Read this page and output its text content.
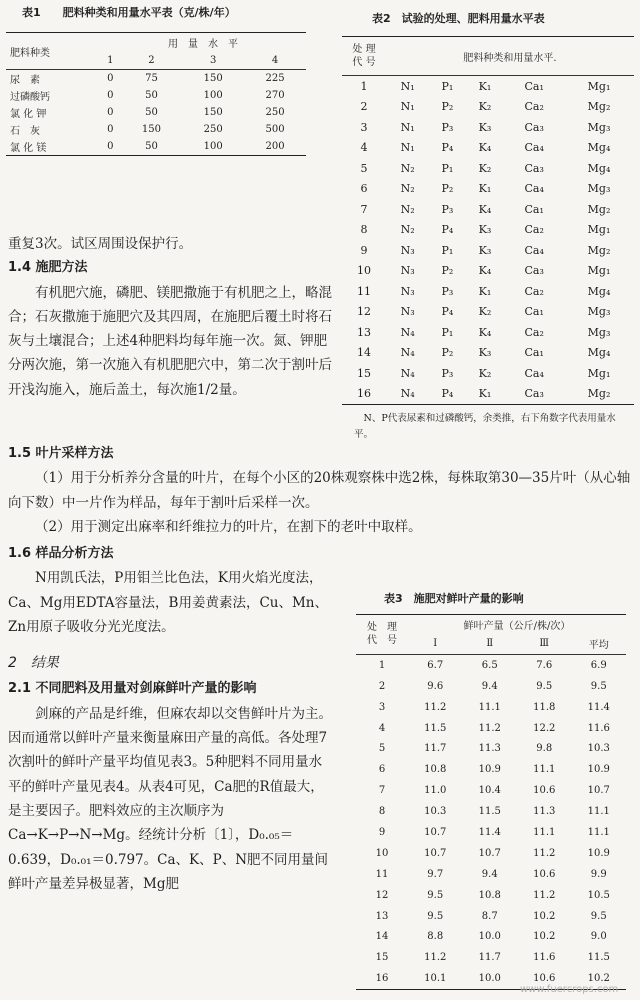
表1　　肥料种类和用量水平表（克/株/年）
肥料种类	用　量　水　平			
	1	2	3	4
尿　素	0	75	150	225
过磷酸钙	0	50	100	270
氯 化 钾	0	50	150	250
石　灰	0	150	250	500
氯 化 镁	0	50	100	200
表2　试验的处理、肥料用量水平表
处 理
代 号	肥料种类和用量水平.				
1	N₁	P₁	K₁	Ca₁	Mg₁
2	N₁	P₂	K₂	Ca₂	Mg₂
3	N₁	P₃	K₃	Ca₃	Mg₃
4	N₁	P₄	K₄	Ca₄	Mg₄
5	N₂	P₁	K₂	Ca₃	Mg₄
6	N₂	P₂	K₁	Ca₄	Mg₃
7	N₂	P₃	K₄	Ca₁	Mg₂
8	N₂	P₄	K₃	Ca₂	Mg₁
9	N₃	P₁	K₃	Ca₄	Mg₂
10	N₃	P₂	K₄	Ca₃	Mg₁
11	N₃	P₃	K₁	Ca₂	Mg₄
12	N₃	P₄	K₂	Ca₁	Mg₃
13	N₄	P₁	K₄	Ca₂	Mg₃
14	N₄	P₂	K₃	Ca₁	Mg₄
15	N₄	P₃	K₂	Ca₄	Mg₁
16	N₄	P₄	K₁	Ca₃	Mg₂
N、P代表尿素和过磷酸钙，余类推，右下角数字代表用量水平。
重复3次。试区周围设保护行。
1.4 施肥方法

有机肥穴施，磷肥、镁肥撒施于有机肥之上，略混合；石灰撒施于施肥穴及其四周，在施肥后覆土时将石灰与土壤混合；上述4种肥料均每年施一次。氮、钾肥分两次施，第一次施入有机肥肥穴中，第二次于割叶后开浅沟施入，施后盖土，每次施1/2量。

1.5 叶片采样方法

（1）用于分析养分含量的叶片，在每个小区的20株观察株中选2株，每株取第30—35片叶（从心轴向下数）中一片作为样品，每年于割叶后采样一次。

（2）用于测定出麻率和纤维拉力的叶片，在割下的老叶中取样。

1.6 样品分析方法

N用凯氏法，P用钼兰比色法，K用火焰光度法，Ca、Mg用EDTA容量法，B用姜黄素法，Cu、Mn、Zn用原子吸收分光光度法。

2　结果
2.1 不同肥料及用量对剑麻鲜叶产量的影响

剑麻的产品是纤维，但麻农却以交售鲜叶片为主。因而通常以鲜叶产量来衡量麻田产量的高低。各处理7次割叶的鲜叶产量平均值见表3。5种肥料不同用量水平的鲜叶产量见表4。从表4可见，Ca肥的R值最大，是主要因子。肥料效应的主次顺序为Ca→K→P→N→Mg。经统计分析〔1〕，D₀.₀₅＝0.639，D₀.₀₁＝0.797。Ca、K、P、N肥不同用量间鲜叶产量差异极显著，Mg肥

表3　施肥对鲜叶产量的影响
处　理
代　号	鲜叶产量（公斤/株/次）			
	Ⅰ	Ⅱ	Ⅲ	平均
1	6.7	6.5	7.6	6.9
2	9.6	9.4	9.5	9.5
3	11.2	11.1	11.8	11.4
4	11.5	11.2	12.2	11.6
5	11.7	11.3	9.8	10.3
6	10.8	10.9	11.1	10.9
7	11.0	10.4	10.6	10.7
8	10.3	11.5	11.3	11.1
9	10.7	11.4	11.1	11.1
10	10.7	10.7	11.2	10.9
11	9.7	9.4	10.6	9.9
12	9.5	10.8	11.2	10.5
13	9.5	8.7	10.2	9.5
14	8.8	10.0	10.2	9.0
15	11.2	11.7	11.6	11.5
16	10.1	10.0	10.6	10.2
www.fuercrops.com
